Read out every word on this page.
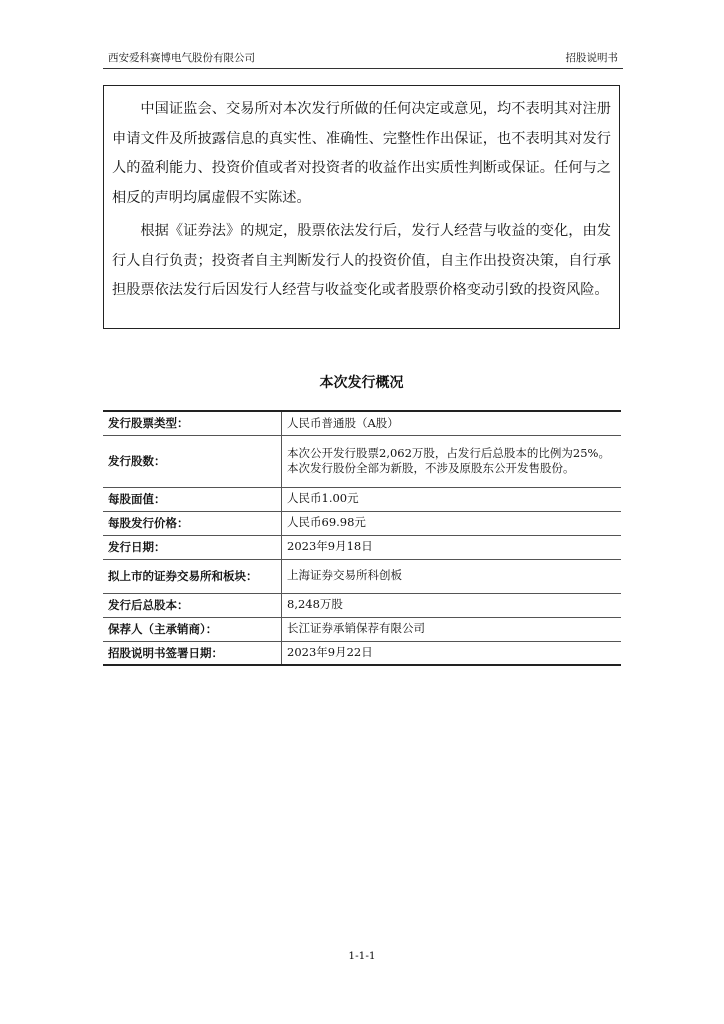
西安爱科赛博电气股份有限公司	招股说明书

中国证监会、交易所对本次发行所做的任何决定或意见，均不表明其对注册申请文件及所披露信息的真实性、准确性、完整性作出保证，也不表明其对发行人的盈利能力、投资价值或者对投资者的收益作出实质性判断或保证。任何与之相反的声明均属虚假不实陈述。

根据《证券法》的规定，股票依法发行后，发行人经营与收益的变化，由发行人自行负责；投资者自主判断发行人的投资价值，自主作出投资决策，自行承担股票依法发行后因发行人经营与收益变化或者股票价格变动引致的投资风险。

本次发行概况
发行股票类型：	人民币普通股（A股）
发行股数：	本次公开发行股票2,062万股，占发行后总股本的比例为25%。本次发行股份全部为新股，不涉及原股东公开发售股份。
每股面值：	人民币1.00元
每股发行价格：	人民币69.98元
发行日期：	2023年9月18日
拟上市的证券交易所和板块：	上海证券交易所科创板
发行后总股本：	8,248万股
保荐人（主承销商）：	长江证券承销保荐有限公司
招股说明书签署日期：	2023年9月22日
1-1-1
